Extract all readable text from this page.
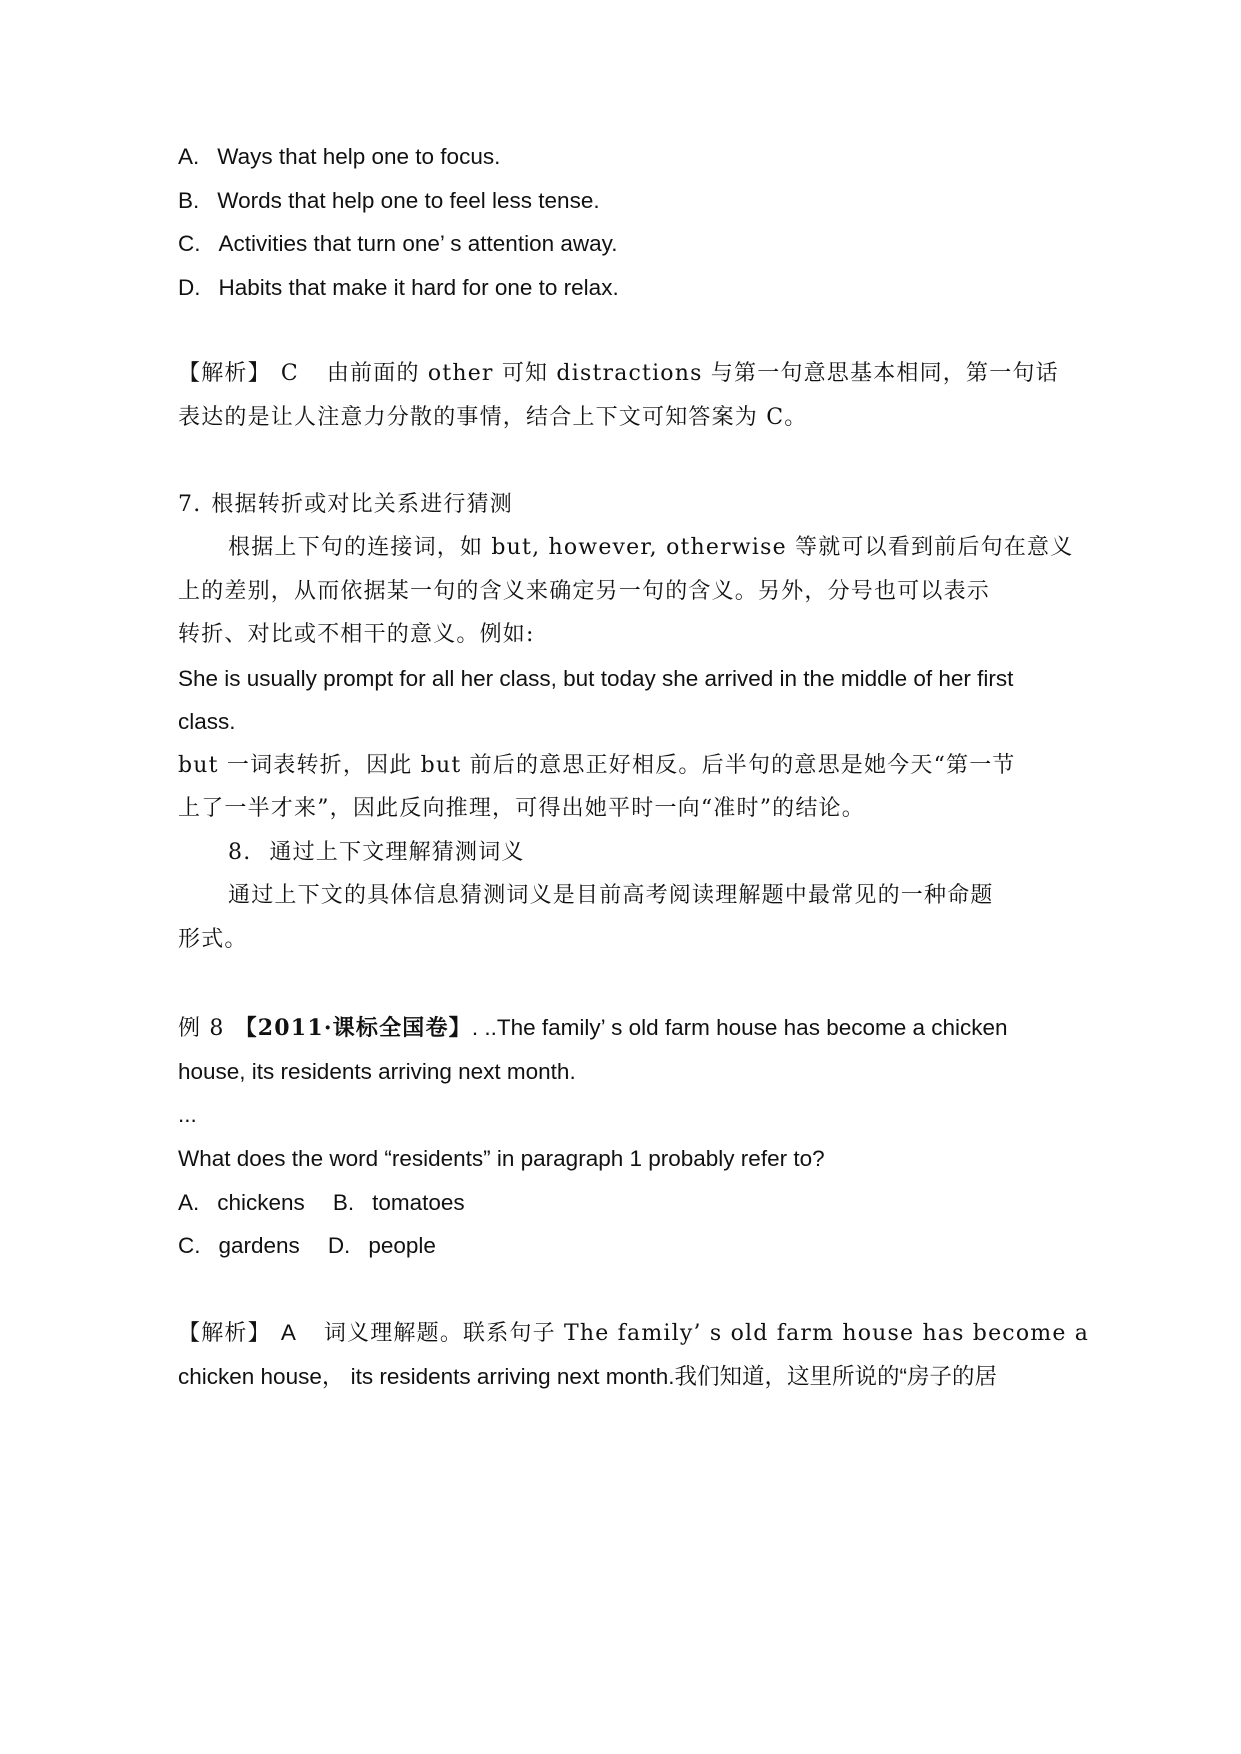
A. Ways that help one to focus.
B. Words that help one to feel less tense.
C. Activities that turn one’ s attention away.
D. Habits that make it hard for one to relax.
【解析】 C 由前面的 other 可知 distractions 与第一句意思基本相同，第一句话
表达的是让人注意力分散的事情，结合上下文可知答案为 C。
7. 根据转折或对比关系进行猜测
根据上下句的连接词，如 but, however, otherwise 等就可以看到前后句在意义
上的差别，从而依据某一句的含义来确定另一句的含义。另外，分号也可以表示
转折、对比或不相干的意义。例如:
She is usually prompt for all her class, but today she arrived in the middle of her first
class.
but 一词表转折，因此 but 前后的意思正好相反。后半句的意思是她今天“第一节
上了一半才来”，因此反向推理，可得出她平时一向“准时”的结论。
8. 通过上下文理解猜测词义
通过上下文的具体信息猜测词义是目前高考阅读理解题中最常见的一种命题
形式。
例 8 【2011·课标全国卷】. ..The family’ s old farm house has become a chicken
house, its residents arriving next month.
...
What does the word “residents” in paragraph 1 probably refer to?
A. chickens B. tomatoes
C. gardens D. people
【解析】 A 词义理解题。联系句子 The family’ s old farm house has become a
chicken house， its residents arriving next month.我们知道，这里所说的“房子的居
